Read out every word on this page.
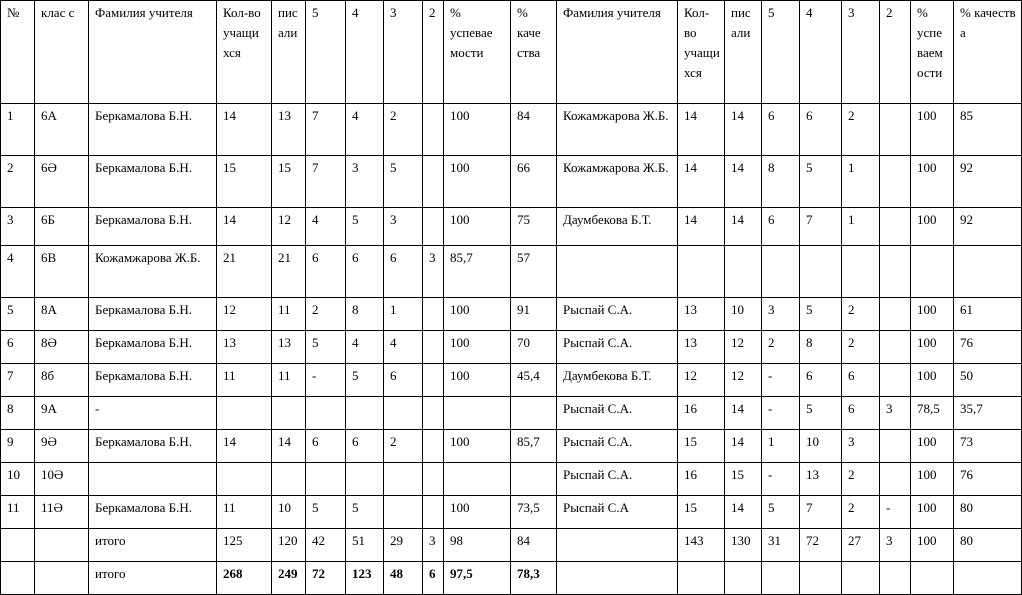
№	клас с	Фамилия учителя	Кол-во учащи хся	пис али	5	4	3	2	% успевае мости	% каче ства	Фамилия учителя	Кол-во учащи хся	пис али	5	4	3	2	% успе ваем ости	% качеств а
1	6А	Беркамалова Б.Н.	14	13	7	4	2		100	84	Кожамжарова Ж.Б.	14	14	6	6	2		100	85
2	6Ә	Беркамалова Б.Н.	15	15	7	3	5		100	66	Кожамжарова Ж.Б.	14	14	8	5	1		100	92
3	6Б	Беркамалова Б.Н.	14	12	4	5	3		100	75	Даумбекова Б.Т.	14	14	6	7	1		100	92
4	6В	Кожамжарова Ж.Б.	21	21	6	6	6	3	85,7	57									
5	8А	Беркамалова Б.Н.	12	11	2	8	1		100	91	Рыспай С.А.	13	10	3	5	2		100	61
6	8Ә	Беркамалова Б.Н.	13	13	5	4	4		100	70	Рыспай С.А.	13	12	2	8	2		100	76
7	8б	Беркамалова Б.Н.	11	11	-	5	6		100	45,4	Даумбекова Б.Т.	12	12	-	6	6		100	50
8	9А	-									Рыспай С.А.	16	14	-	5	6	3	78,5	35,7
9	9Ә	Беркамалова Б.Н.	14	14	6	6	2		100	85,7	Рыспай С.А.	15	14	1	10	3		100	73
10	10Ә										Рыспай С.А.	16	15	-	13	2		100	76
11	11Ә	Беркамалова Б.Н.	11	10	5	5			100	73,5	Рыспай С.А	15	14	5	7	2	-	100	80
		итого	125	120	42	51	29	3	98	84		143	130	31	72	27	3	100	80
		итого	268	249	72	123	48	6	97,5	78,3									
